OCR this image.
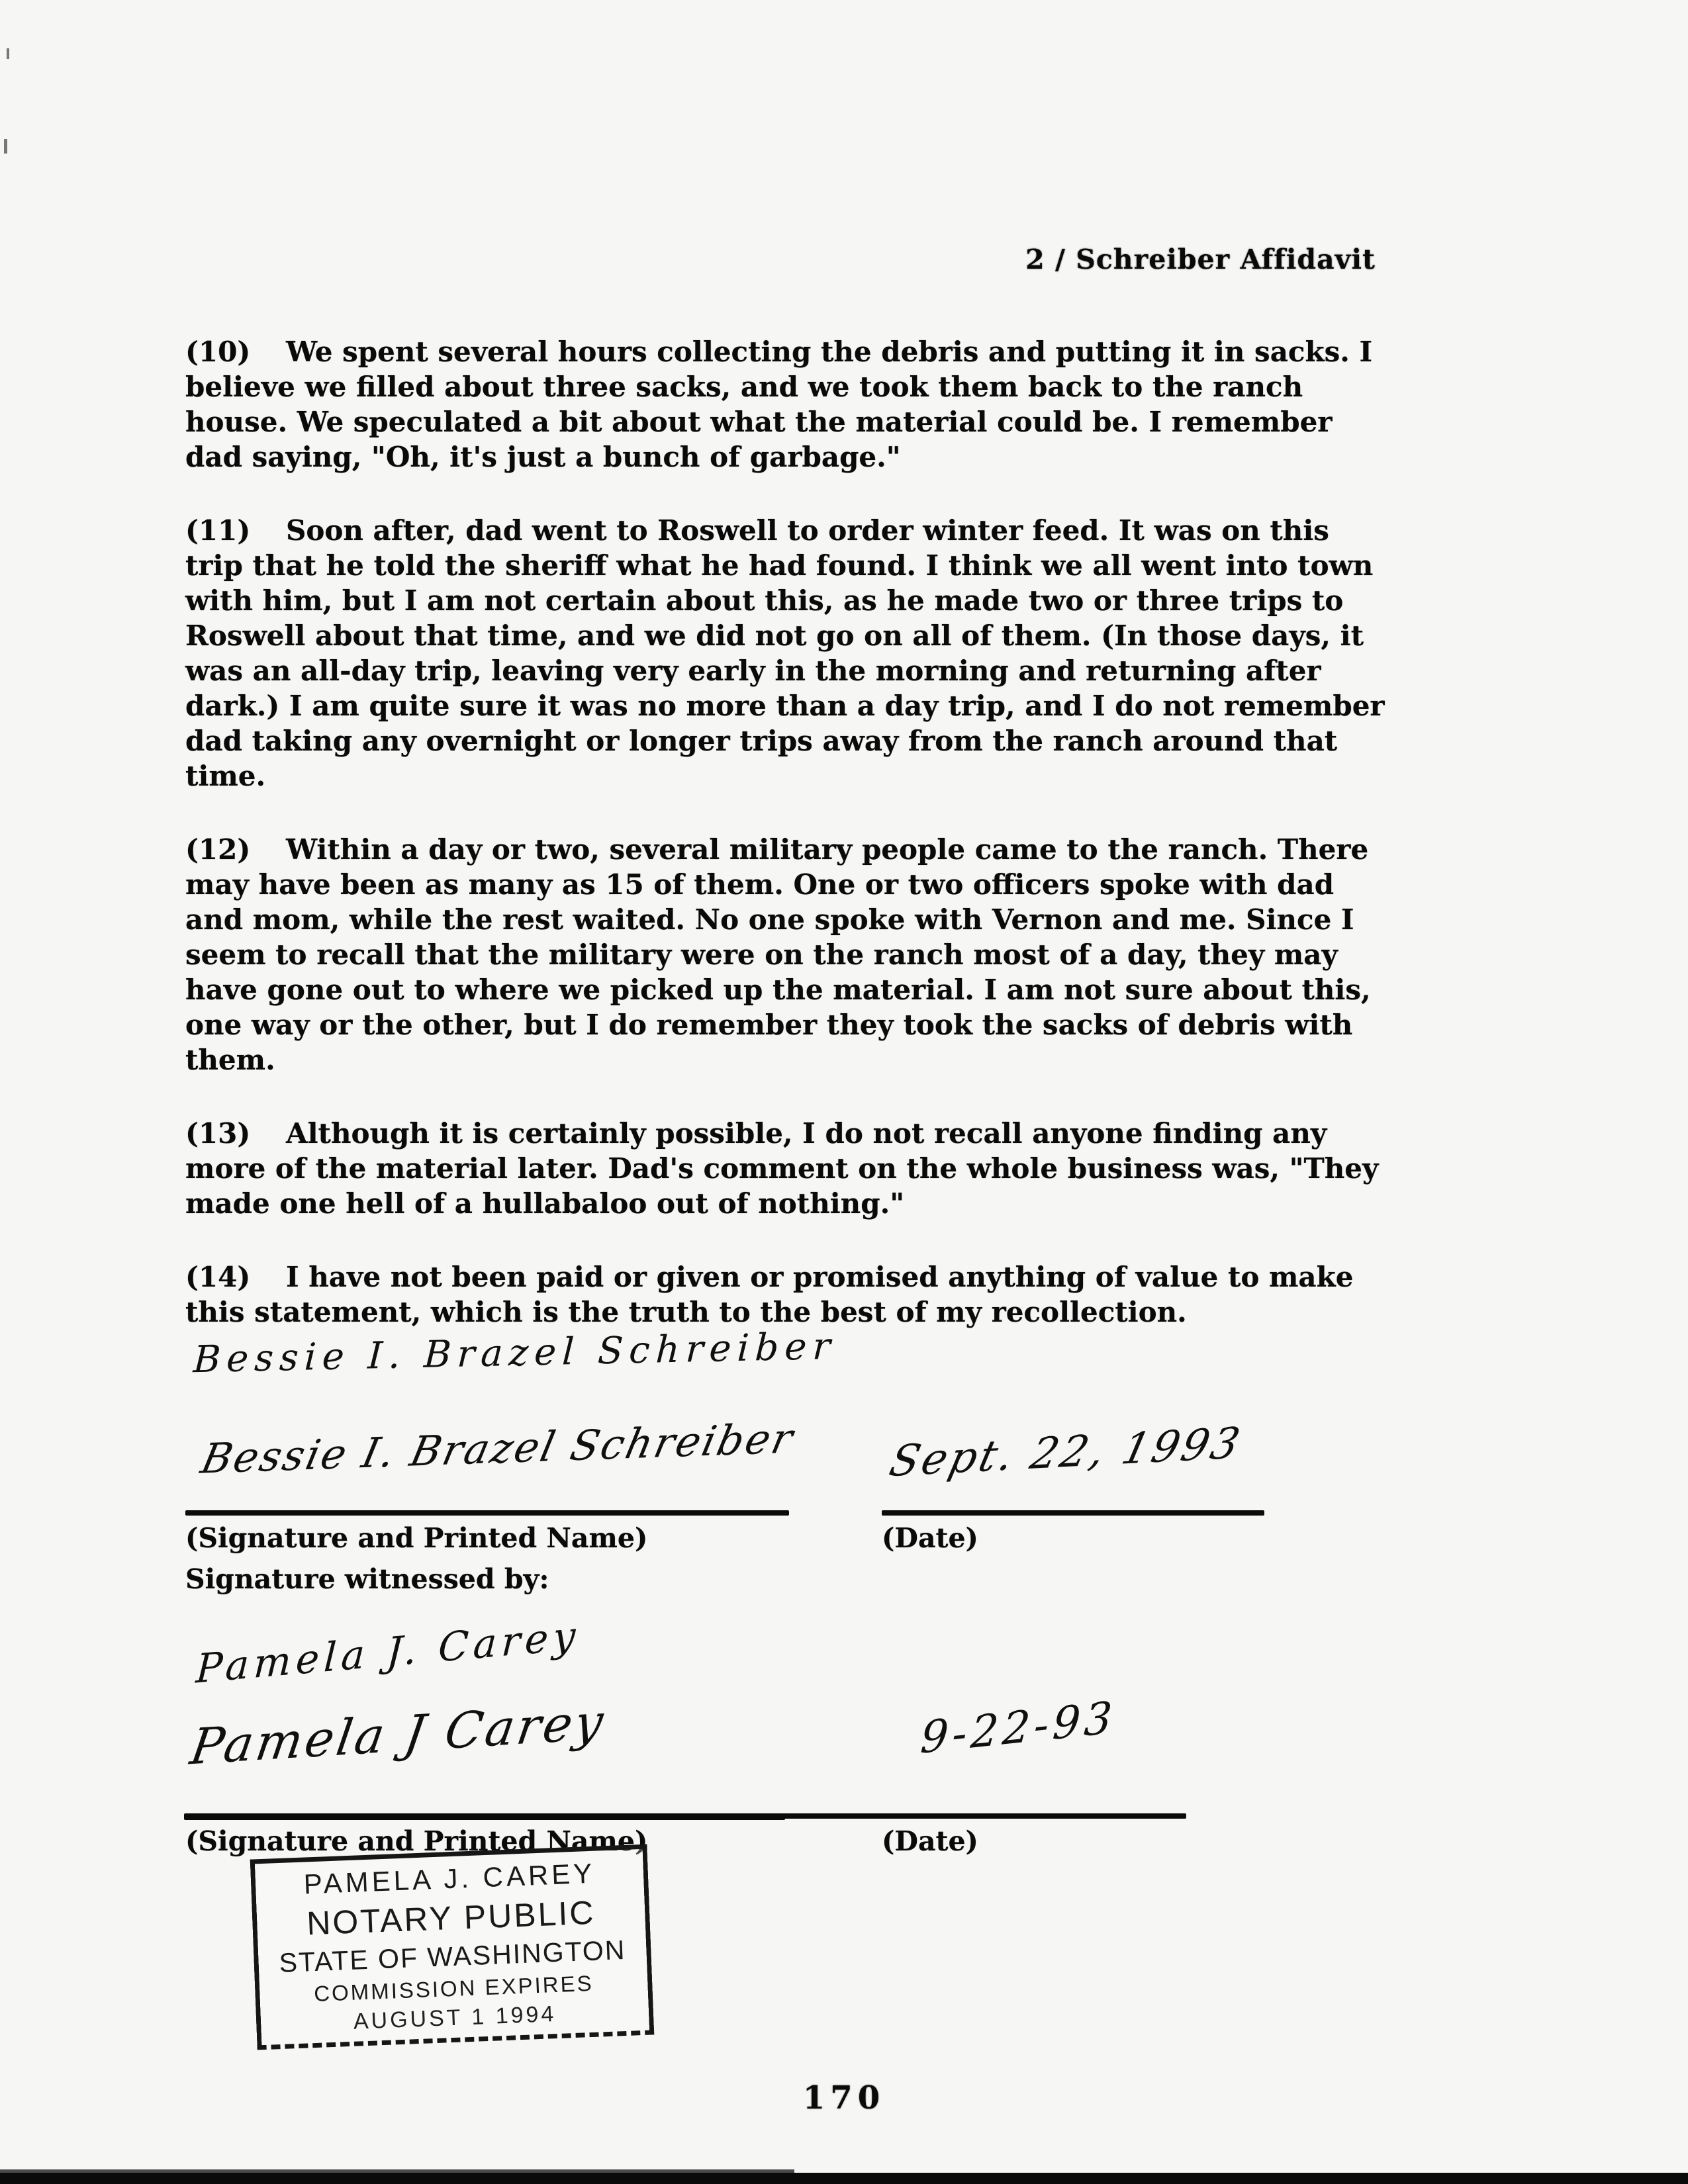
2 / Schreiber Affidavit

(10) We spent several hours collecting the debris and putting it in sacks. I believe we filled about three sacks, and we took them back to the ranch house. We speculated a bit about what the material could be. I remember dad saying, "Oh, it's just a bunch of garbage."

(11) Soon after, dad went to Roswell to order winter feed. It was on this trip that he told the sheriff what he had found. I think we all went into town with him, but I am not certain about this, as he made two or three trips to Roswell about that time, and we did not go on all of them. (In those days, it was an all-day trip, leaving very early in the morning and returning after dark.) I am quite sure it was no more than a day trip, and I do not remember dad taking any overnight or longer trips away from the ranch around that time.

(12) Within a day or two, several military people came to the ranch. There may have been as many as 15 of them. One or two officers spoke with dad and mom, while the rest waited. No one spoke with Vernon and me. Since I seem to recall that the military were on the ranch most of a day, they may have gone out to where we picked up the material. I am not sure about this, one way or the other, but I do remember they took the sacks of debris with them.

(13) Although it is certainly possible, I do not recall anyone finding any more of the material later. Dad's comment on the whole business was, "They made one hell of a hullabaloo out of nothing."

(14) I have not been paid or given or promised anything of value to make this statement, which is the truth to the best of my recollection.

Bessie I. Brazel Schreiber
Bessie I. Brazel Schreiber Sept. 22, 1993
(Signature and Printed Name)	(Date)
Signature witnessed by:
Pamela J. Carey
Pamela J Carey	9-22-93
(Signature and Printed Name)	(Date)
PAMELA J. CAREY
NOTARY PUBLIC
STATE OF WASHINGTON
COMMISSION EXPIRES
AUGUST 1 1994
170
